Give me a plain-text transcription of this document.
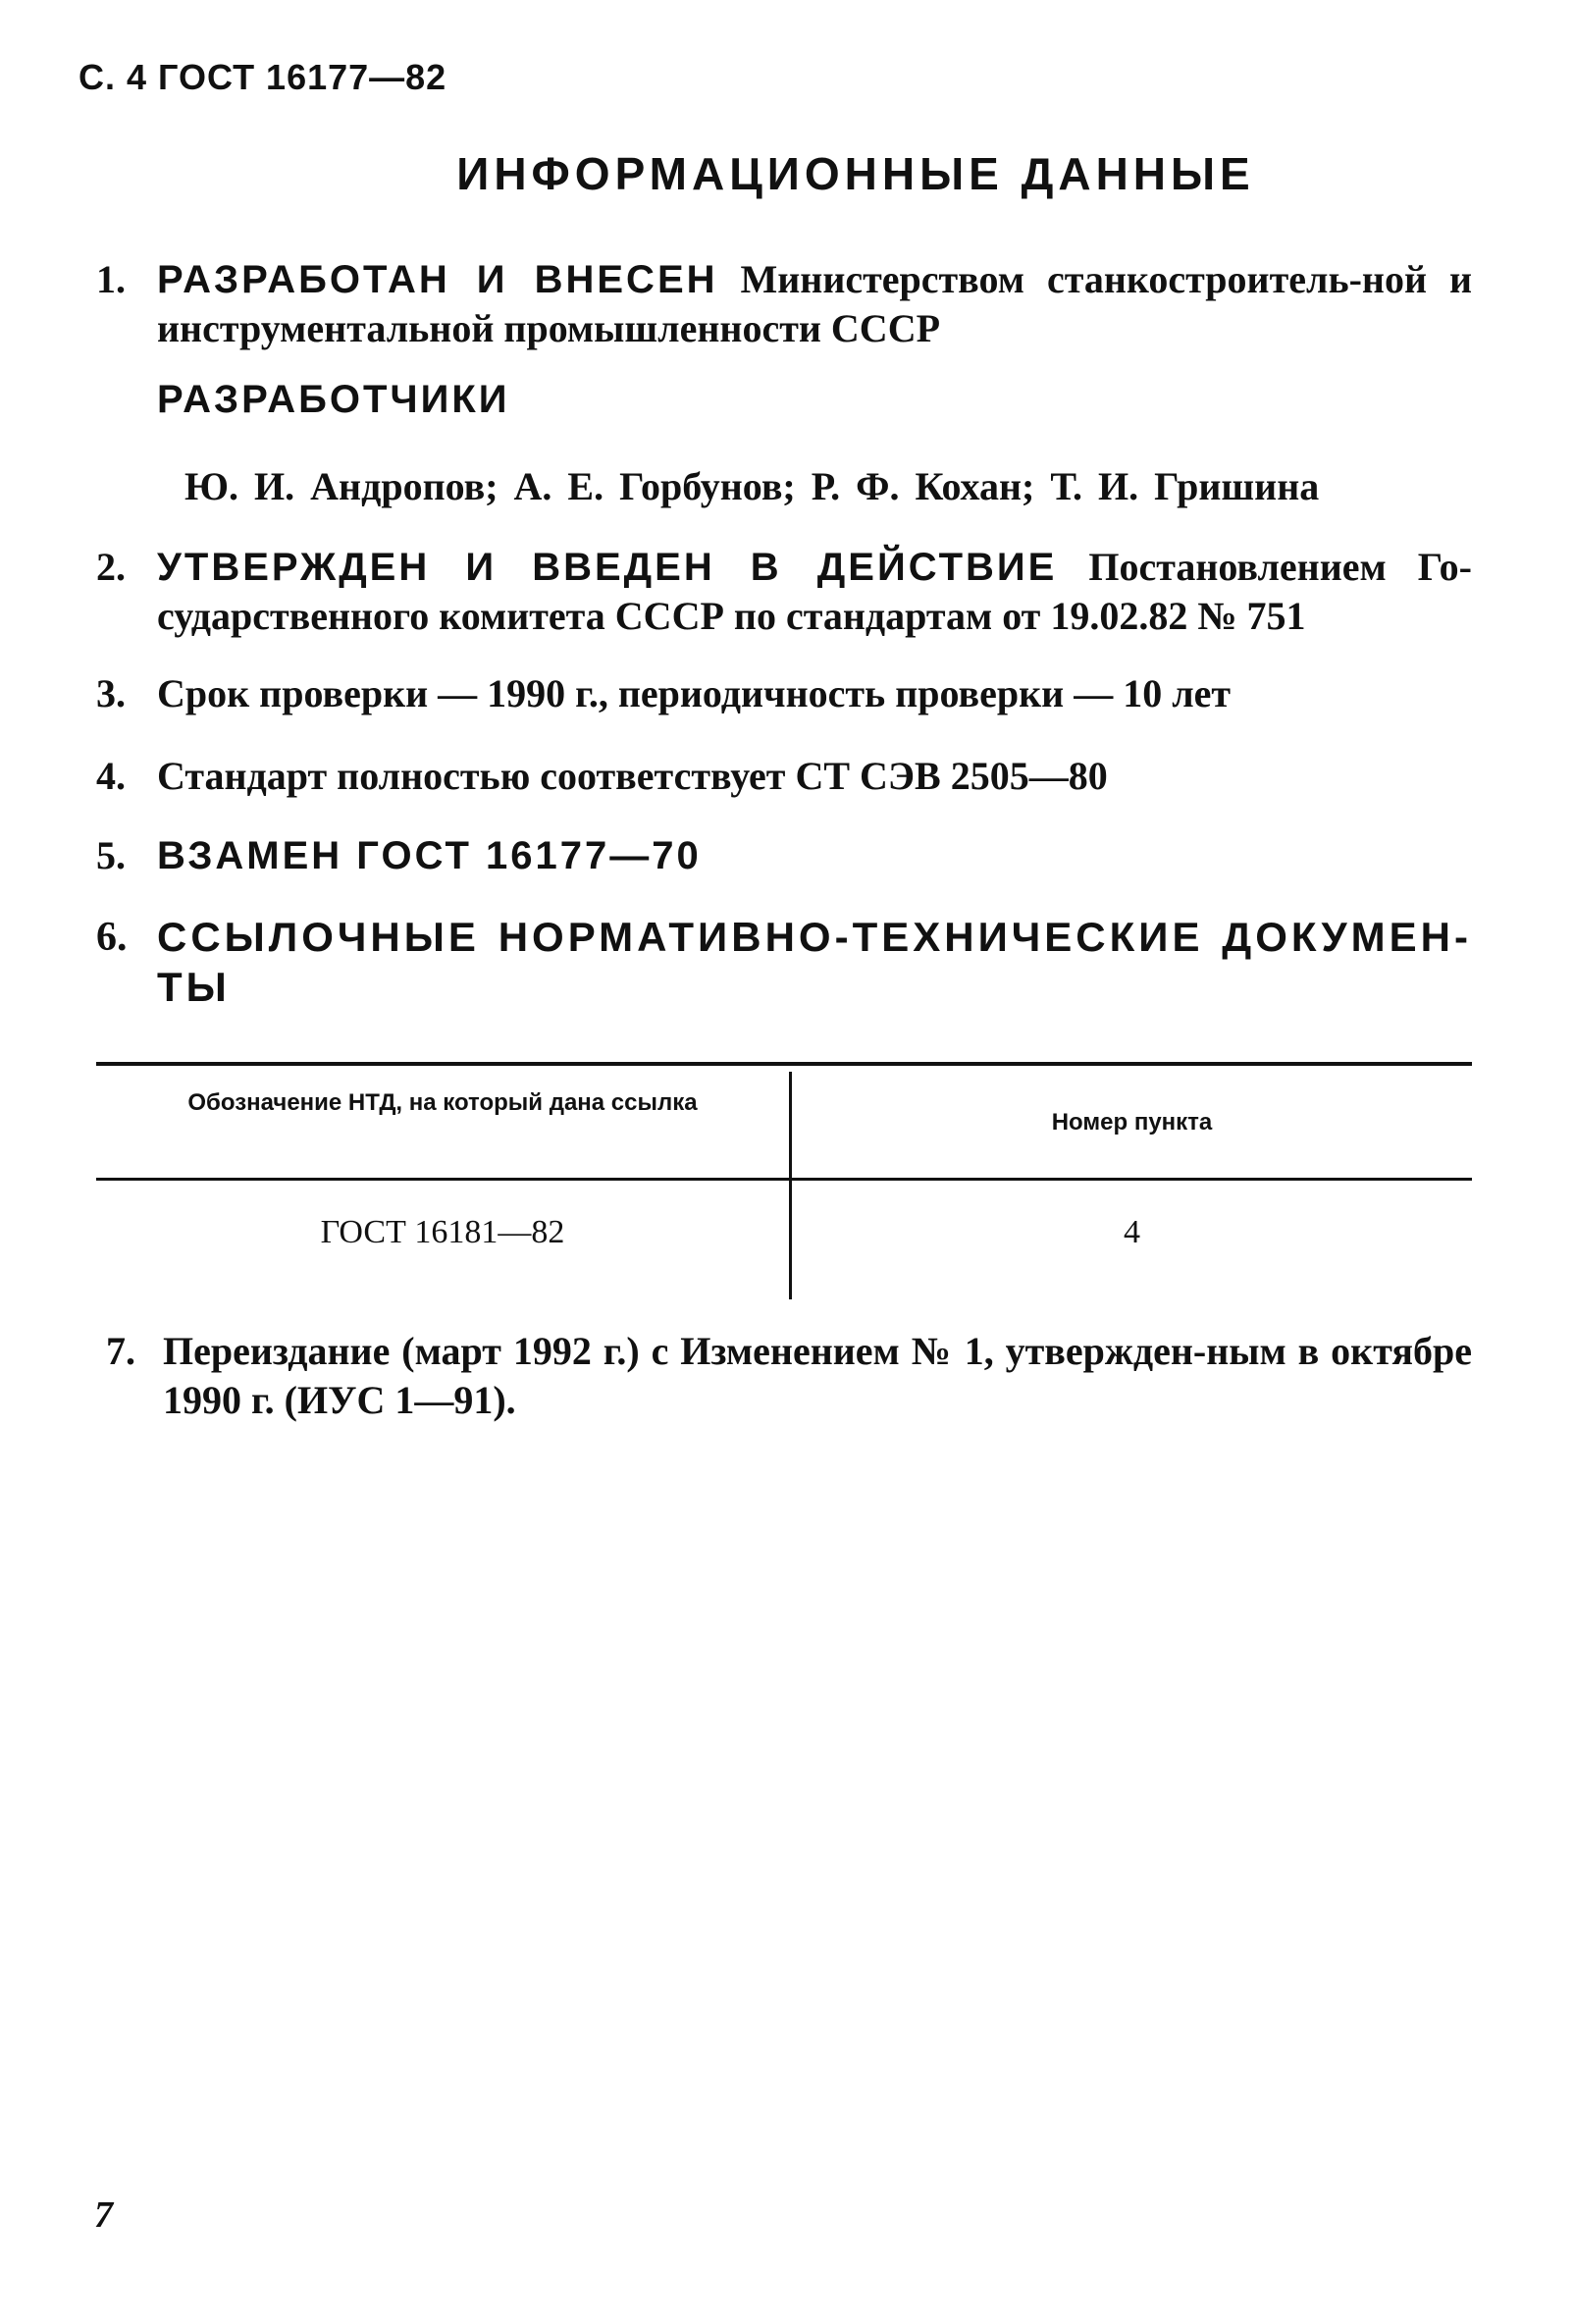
С. 4 ГОСТ 16177—82
ИНФОРМАЦИОННЫЕ ДАННЫЕ
1. РАЗРАБОТАН И ВНЕСЕН Министерством станкостроитель-ной и инструментальной промышленности СССР
РАЗРАБОТЧИКИ
Ю. И. Андропов; А. Е. Горбунов; Р. Ф. Кохан; Т. И. Гришина
2. УТВЕРЖДЕН И ВВЕДЕН В ДЕЙСТВИЕ Постановлением Го-сударственного комитета СССР по стандартам от 19.02.82 № 751
3. Срок проверки — 1990 г., периодичность проверки — 10 лет
4. Стандарт полностью соответствует СТ СЭВ 2505—80
5. ВЗАМЕН ГОСТ 16177—70
6. ССЫЛОЧНЫЕ НОРМАТИВНО-ТЕХНИЧЕСКИЕ ДОКУМЕН-ТЫ
Обозначение НТД, на который дана ссылка
Номер пункта
ГОСТ 16181—82	4
7. Переиздание (март 1992 г.) с Изменением № 1, утвержден-ным в октябре 1990 г. (ИУС 1—91).
7
